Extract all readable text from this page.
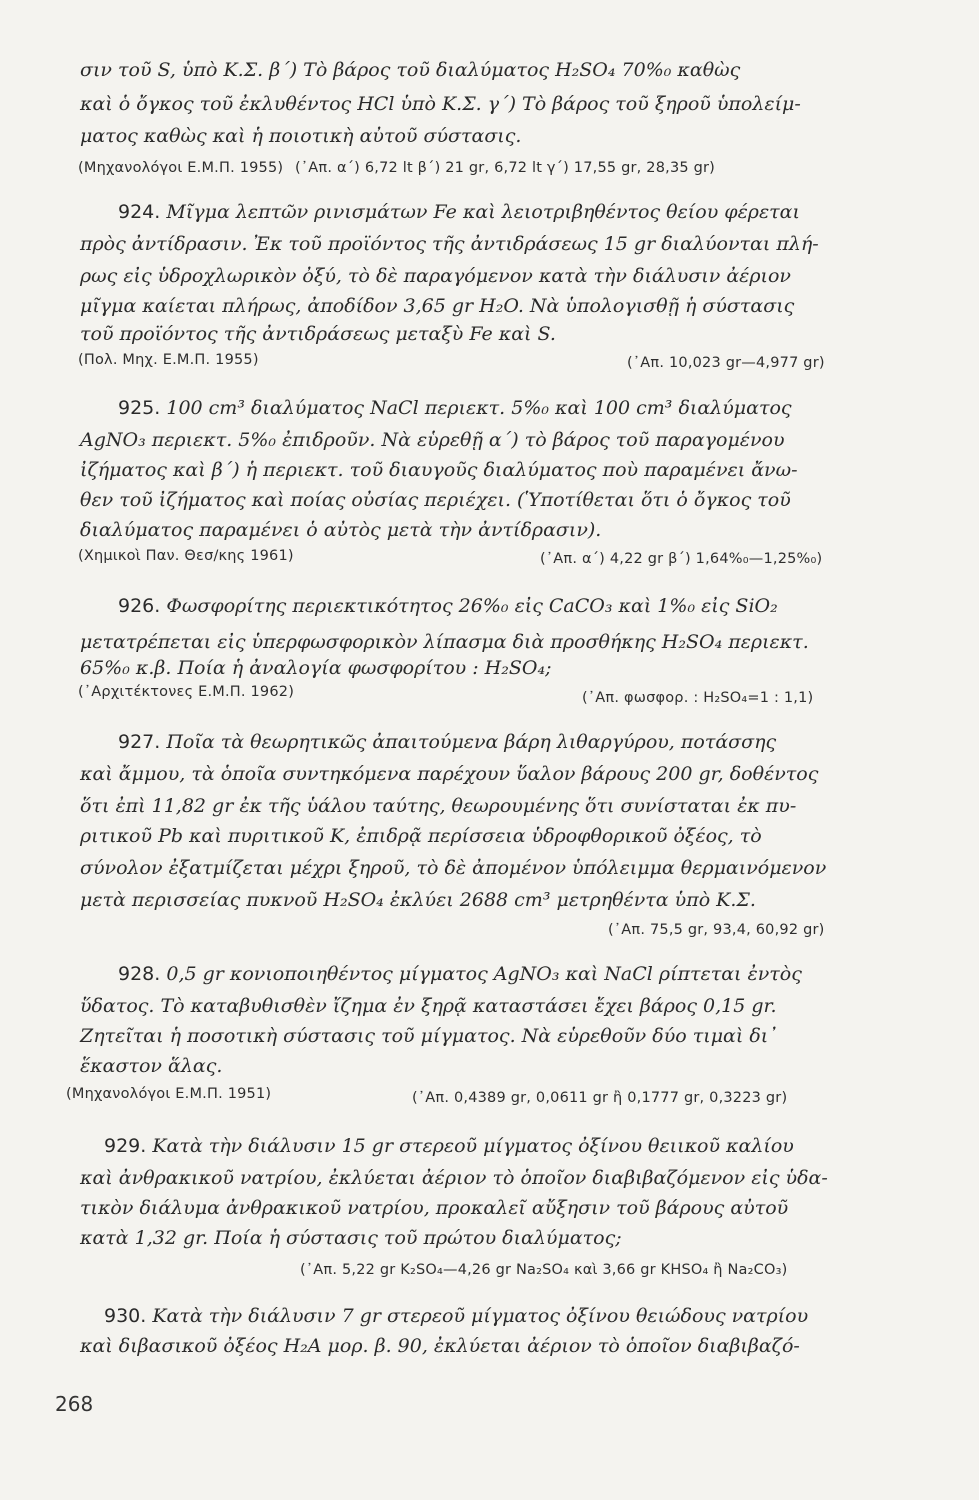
σιν τοῦ S, ὑπὸ Κ.Σ. β΄) Τὸ βάρος τοῦ διαλύματος H₂SO₄ 70%₀ καθὼς
καὶ ὁ ὄγκος τοῦ ἐκλυθέντος HCl ὑπὸ Κ.Σ. γ΄) Τὸ βάρος τοῦ ξηροῦ ὑπολείμ-
ματος καθὼς καὶ ἡ ποιοτικὴ αὐτοῦ σύστασις.
(Μηχανολόγοι Ε.Μ.Π. 1955) (᾿Απ. α΄) 6,72 lt β΄) 21 gr, 6,72 lt γ΄) 17,55 gr, 28,35 gr)
924. Μῖγμα λεπτῶν ρινισμάτων Fe καὶ λειοτριβηθέντος θείου φέρεται
πρὸς ἀντίδρασιν. Ἐκ τοῦ προϊόντος τῆς ἀντιδράσεως 15 gr διαλύονται πλή-
ρως εἰς ὑδροχλωρικὸν ὀξύ, τὸ δὲ παραγόμενον κατὰ τὴν διάλυσιν ἀέριον
μῖγμα καίεται πλήρως, ἀποδίδον 3,65 gr H₂O. Νὰ ὑπολογισθῇ ἡ σύστασις
τοῦ προϊόντος τῆς ἀντιδράσεως μεταξὺ Fe καὶ S.
(Πολ. Μηχ. Ε.Μ.Π. 1955)	(᾿Απ. 10,023 gr—4,977 gr)
925. 100 cm³ διαλύματος NaCl περιεκτ. 5%₀ καὶ 100 cm³ διαλύματος
AgNO₃ περιεκτ. 5%₀ ἐπιδροῦν. Νὰ εὑρεθῇ α΄) τὸ βάρος τοῦ παραγομένου
ἰζήματος καὶ β΄) ἡ περιεκτ. τοῦ διαυγοῦς διαλύματος ποὺ παραμένει ἄνω-
θεν τοῦ ἰζήματος καὶ ποίας οὐσίας περιέχει. (Ὑποτίθεται ὅτι ὁ ὄγκος τοῦ
διαλύματος παραμένει ὁ αὐτὸς μετὰ τὴν ἀντίδρασιν).
(Χημικοὶ Παν. Θεσ/κης 1961)	(᾿Απ. α΄) 4,22 gr β΄) 1,64%₀—1,25%₀)
926. Φωσφορίτης περιεκτικότητος 26%₀ εἰς CaCO₃ καὶ 1%₀ εἰς SiO₂
μετατρέπεται εἰς ὑπερφωσφορικὸν λίπασμα διὰ προσθήκης H₂SO₄ περιεκτ.
65%₀ κ.β. Ποία ἡ ἀναλογία φωσφορίτου : H₂SO₄;
(᾿Αρχιτέκτονες Ε.Μ.Π. 1962)	(᾿Απ. φωσφορ. : H₂SO₄=1 : 1,1)
927. Ποῖα τὰ θεωρητικῶς ἀπαιτούμενα βάρη λιθαργύρου, ποτάσσης
καὶ ἄμμου, τὰ ὁποῖα συντηκόμενα παρέχουν ὕαλον βάρους 200 gr, δοθέντος
ὅτι ἐπὶ 11,82 gr ἐκ τῆς ὑάλου ταύτης, θεωρουμένης ὅτι συνίσταται ἐκ πυ-
ριτικοῦ Pb καὶ πυριτικοῦ K, ἐπιδρᾷ περίσσεια ὑδροφθορικοῦ ὀξέος, τὸ
σύνολον ἐξατμίζεται μέχρι ξηροῦ, τὸ δὲ ἀπομένον ὑπόλειμμα θερμαινόμενον
μετὰ περισσείας πυκνοῦ H₂SO₄ ἐκλύει 2688 cm³ μετρηθέντα ὑπὸ Κ.Σ.
(᾿Απ. 75,5 gr, 93,4, 60,92 gr)
928. 0,5 gr κονιοποιηθέντος μίγματος AgNO₃ καὶ NaCl ρίπτεται ἐντὸς
ὕδατος. Τὸ καταβυθισθὲν ἴζημα ἐν ξηρᾷ καταστάσει ἔχει βάρος 0,15 gr.
Ζητεῖται ἡ ποσοτικὴ σύστασις τοῦ μίγματος. Νὰ εὑρεθοῦν δύο τιμαὶ δι᾿
ἕκαστον ἅλας.
(Μηχανολόγοι Ε.Μ.Π. 1951)	(᾿Απ. 0,4389 gr, 0,0611 gr ἢ 0,1777 gr, 0,3223 gr)
929. Κατὰ τὴν διάλυσιν 15 gr στερεοῦ μίγματος ὀξίνου θειικοῦ καλίου
καὶ ἀνθρακικοῦ νατρίου, ἐκλύεται ἀέριον τὸ ὁποῖον διαβιβαζόμενον εἰς ὑδα-
τικὸν διάλυμα ἀνθρακικοῦ νατρίου, προκαλεῖ αὔξησιν τοῦ βάρους αὐτοῦ
κατὰ 1,32 gr. Ποία ἡ σύστασις τοῦ πρώτου διαλύματος;
(᾿Απ. 5,22 gr K₂SO₄—4,26 gr Na₂SO₄ καὶ 3,66 gr KHSO₄ ἢ Na₂CO₃)
930. Κατὰ τὴν διάλυσιν 7 gr στερεοῦ μίγματος ὀξίνου θειώδους νατρίου
καὶ διβασικοῦ ὀξέος H₂A μορ. β. 90, ἐκλύεται ἀέριον τὸ ὁποῖον διαβιβαζό-
268
